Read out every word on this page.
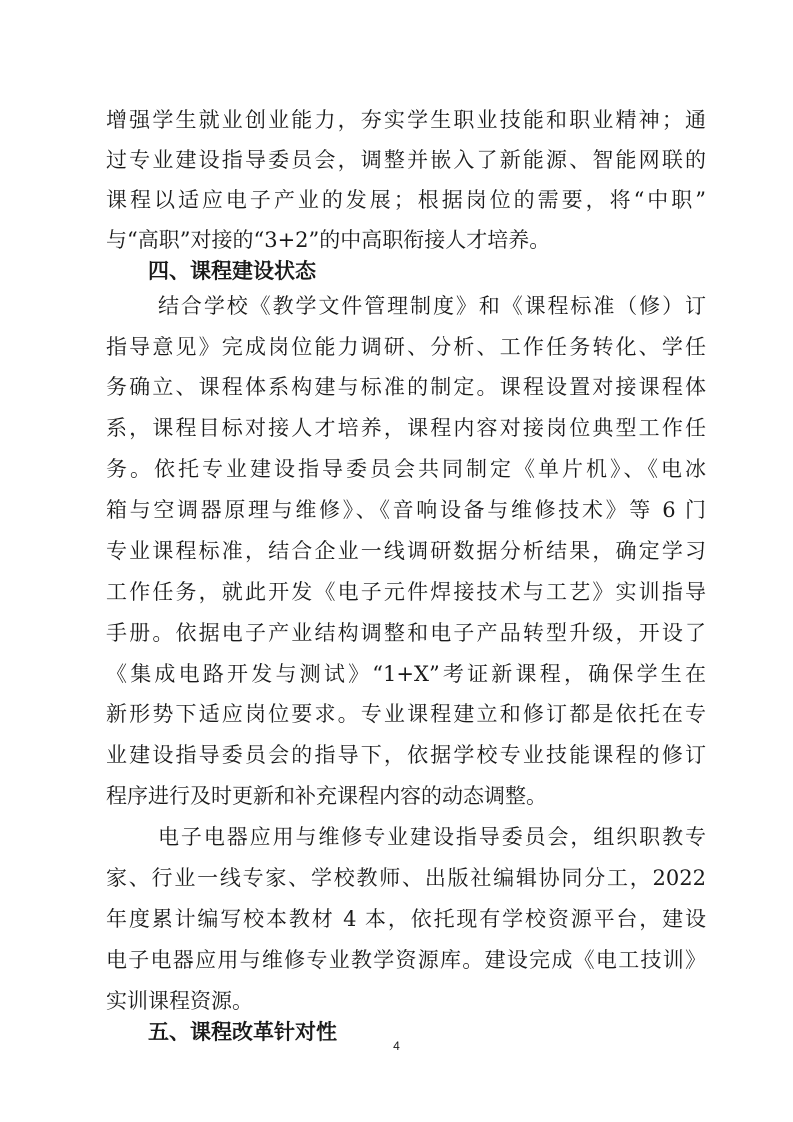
增强学生就业创业能力，夯实学生职业技能和职业精神；通
过专业建设指导委员会，调整并嵌入了新能源、智能网联的
课程以适应电子产业的发展；根据岗位的需要，将“中职”
与“高职”对接的“3+2”的中高职衔接人才培养。
四、课程建设状态
结合学校《教学文件管理制度》和《课程标准（修）订
指导意见》完成岗位能力调研、分析、工作任务转化、学任
务确立、课程体系构建与标准的制定。课程设置对接课程体
系，课程目标对接人才培养，课程内容对接岗位典型工作任
务。依托专业建设指导委员会共同制定《单片机》、《电冰
箱与空调器原理与维修》、《音响设备与维修技术》等 6 门
专业课程标准，结合企业一线调研数据分析结果，确定学习
工作任务，就此开发《电子元件焊接技术与工艺》实训指导
手册。依据电子产业结构调整和电子产品转型升级，开设了
《集成电路开发与测试》“1+X”考证新课程，确保学生在
新形势下适应岗位要求。专业课程建立和修订都是依托在专
业建设指导委员会的指导下，依据学校专业技能课程的修订
程序进行及时更新和补充课程内容的动态调整。
电子电器应用与维修专业建设指导委员会，组织职教专
家、行业一线专家、学校教师、出版社编辑协同分工，2022
年度累计编写校本教材 4 本，依托现有学校资源平台，建设
电子电器应用与维修专业教学资源库。建设完成《电工技训》
实训课程资源。
五、课程改革针对性
4
